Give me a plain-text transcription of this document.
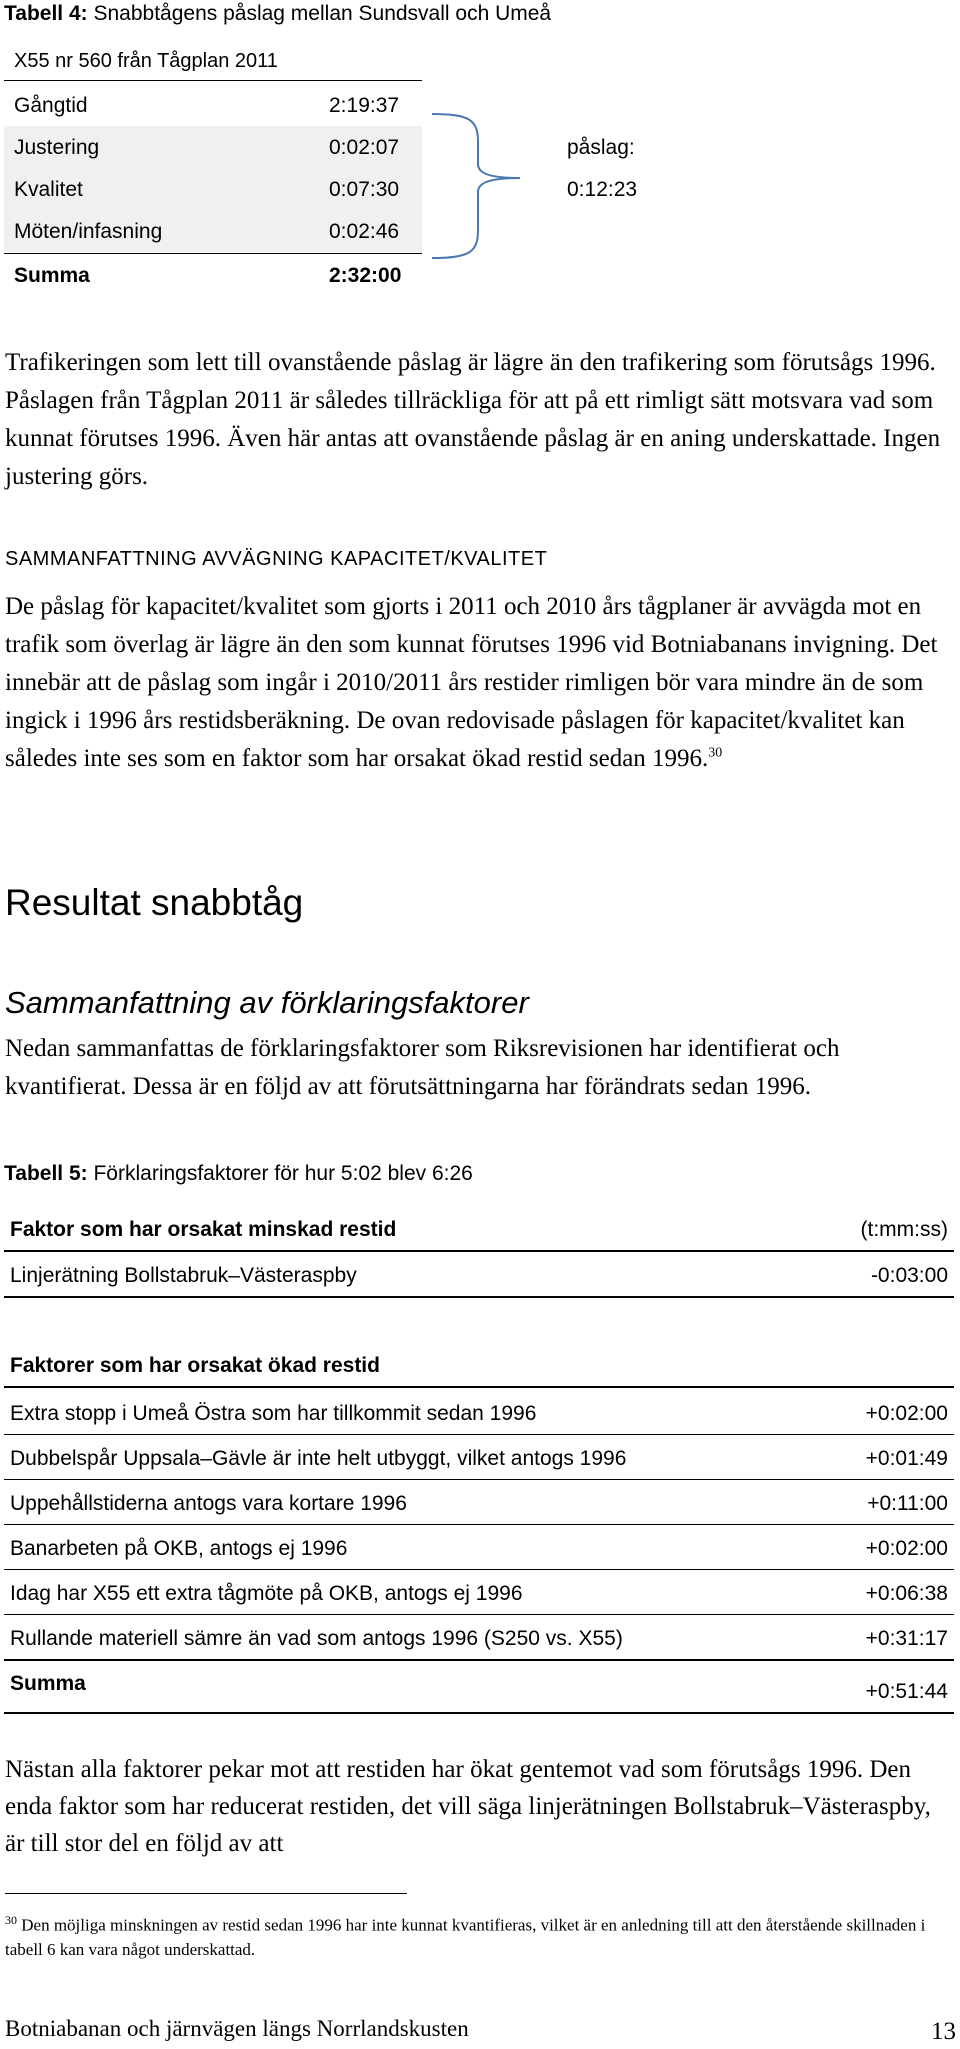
Tabell 4: Snabbtågens påslag mellan Sundsvall och Umeå
X55 nr 560 från Tågplan 2011
Gångtid	2:19:37
Justering	0:02:07
Kvalitet	0:07:30
Möten/infasning	0:02:46
Summa	2:32:00
påslag:
0:12:23
Trafikeringen som lett till ovanstående påslag är lägre än den trafikering som förutsågs 1996. Påslagen från Tågplan 2011 är således tillräckliga för att på ett rimligt sätt motsvara vad som kunnat förutses 1996. Även här antas att ovanstående påslag är en aning underskattade. Ingen justering görs.
SAMMANFATTNING AVVÄGNING KAPACITET/KVALITET
De påslag för kapacitet/kvalitet som gjorts i 2011 och 2010 års tågplaner är avvägda mot en trafik som överlag är lägre än den som kunnat förutses 1996 vid Botniabanans invigning. Det innebär att de påslag som ingår i 2010/2011 års restider rimligen bör vara mindre än de som ingick i 1996 års restidsberäkning. De ovan redovisade påslagen för kapacitet/kvalitet kan således inte ses som en faktor som har orsakat ökad restid sedan 1996.30
Resultat snabbtåg
Sammanfattning av förklaringsfaktorer
Nedan sammanfattas de förklaringsfaktorer som Riksrevisionen har identifierat och kvantifierat. Dessa är en följd av att förutsättningarna har förändrats sedan 1996.
Tabell 5: Förklaringsfaktorer för hur 5:02 blev 6:26
Faktor som har orsakat minskad restid	(t:mm:ss)
Linjerätning Bollstabruk–Västeraspby	-0:03:00
Faktorer som har orsakat ökad restid
Extra stopp i Umeå Östra som har tillkommit sedan 1996	+0:02:00
Dubbelspår Uppsala–Gävle är inte helt utbyggt, vilket antogs 1996	+0:01:49
Uppehållstiderna antogs vara kortare 1996	+0:11:00
Banarbeten på OKB, antogs ej 1996	+0:02:00
Idag har X55 ett extra tågmöte på OKB, antogs ej 1996	+0:06:38
Rullande materiell sämre än vad som antogs 1996 (S250 vs. X55)	+0:31:17
Summa	+0:51:44
Nästan alla faktorer pekar mot att restiden har ökat gentemot vad som förutsågs 1996. Den enda faktor som har reducerat restiden, det vill säga linjerätningen Bollstabruk–Västeraspby, är till stor del en följd av att
$^{30}$ Den möjliga minskningen av restid sedan 1996 har inte kunnat kvantifieras, vilket är en anledning till att den återstående skillnaden i tabell 6 kan vara något underskattad.
13
Botniabanan och järnvägen längs Norrlandskusten
